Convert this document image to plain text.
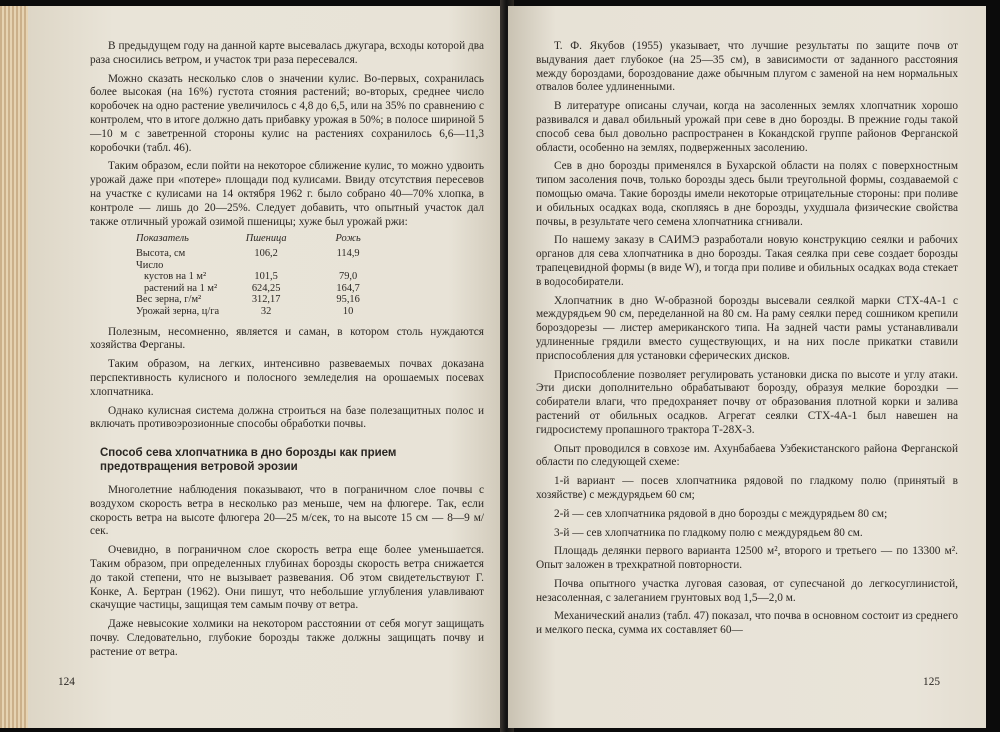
В предыдущем году на данной карте высевалась джугара, всходы которой два раза сносились ветром, и участок три раза пересевался.

Можно сказать несколько слов о значении кулис. Во-первых, сохранилась более высокая (на 16%) густота стояния растений; во-вторых, среднее число коробочек на одно растение увеличилось с 4,8 до 6,5, или на 35% по сравнению с контролем, что в итоге должно дать прибавку урожая в 50%; в полосе шириной 5—10 м с заветренной стороны кулис на растениях сохранилось 6,6—11,3 коробочки (табл. 46).

Таким образом, если пойти на некоторое сближение кулис, то можно удвоить урожай даже при «потере» площади под кулисами. Ввиду отсутствия пересевов на участке с кулисами на 14 октября 1962 г. было собрано 40—70% хлопка, в контроле — лишь до 20—25%. Следует добавить, что опытный участок дал также отличный урожай озимой пшеницы; хуже был урожай ржи:

Показатель	Пшеница	Рожь
Высота, см	106,2	114,9
Число		
кустов на 1 м²	101,5	79,0
растений на 1 м²	624,25	164,7
Вес зерна, г/м²	312,17	95,16
Урожай зерна, ц/га	32	10

Полезным, несомненно, является и саман, в котором столь нуждаются хозяйства Ферганы.

Таким образом, на легких, интенсивно развеваемых почвах доказана перспективность кулисного и полосного земледелия на орошаемых посевах хлопчатника.

Однако кулисная система должна строиться на базе полезащитных полос и включать противоэрозионные способы обработки почвы.

Способ сева хлопчатника в дно борозды как прием предотвращения ветровой эрозии

Многолетние наблюдения показывают, что в пограничном слое почвы с воздухом скорость ветра в несколько раз меньше, чем на флюгере. Так, если скорость ветра на высоте флюгера 20—25 м/сек, то на высоте 15 см — 8—9 м/сек.

Очевидно, в пограничном слое скорость ветра еще более уменьшается. Таким образом, при определенных глубинах борозды скорость ветра снижается до такой степени, что не вызывает развевания. Об этом свидетельствуют Г. Конке, А. Бертран (1962). Они пишут, что небольшие углубления улавливают скачущие частицы, защищая тем самым почву от ветра.

Даже невысокие холмики на некотором расстоянии от себя могут защищать почву. Следовательно, глубокие борозды также должны защищать почву и растение от ветра.

124

Т. Ф. Якубов (1955) указывает, что лучшие результаты по защите почв от выдувания дает глубокое (на 25—35 см), в зависимости от заданного расстояния между бороздами, бороздование даже обычным плугом с заменой на нем нормальных отвалов более удлиненными.

В литературе описаны случаи, когда на засоленных землях хлопчатник хорошо развивался и давал обильный урожай при севе в дно борозды. В прежние годы такой способ сева был довольно распространен в Кокандской группе районов Ферганской области, особенно на землях, подверженных засолению.

Сев в дно борозды применялся в Бухарской области на полях с поверхностным типом засоления почв, только борозды здесь были треугольной формы, создаваемой с помощью омача. Такие борозды имели некоторые отрицательные стороны: при поливе и обильных осадках вода, скопляясь в дне борозды, ухудшала физические свойства почвы, в результате чего семена хлопчатника сгнивали.

По нашему заказу в САИМЭ разработали новую конструкцию сеялки и рабочих органов для сева хлопчатника в дно борозды. Такая сеялка при севе создает борозды трапецевидной формы (в виде W), и тогда при поливе и обильных осадках вода стекает в водособиратели.

Хлопчатник в дно W-образной борозды высевали сеялкой марки СТХ-4А-1 с междурядьем 90 см, переделанной на 80 см. На раму сеялки перед сошником крепили бороздорезы — листер американского типа. На задней части рамы устанавливали удлиненные грядили вместо существующих, и на них после прикатки ставили приспособления для установки сферических дисков.

Приспособление позволяет регулировать установки диска по высоте и углу атаки. Эти диски дополнительно обрабатывают борозду, образуя мелкие бороздки — собиратели влаги, что предохраняет почву от образования плотной корки и залива растений от обильных осадков. Агрегат сеялки СТХ-4А-1 был навешен на гидросистему пропашного трактора Т-28Х-3.

Опыт проводился в совхозе им. Ахунбабаева Узбекистанского района Ферганской области по следующей схеме:

1-й вариант — посев хлопчатника рядовой по гладкому полю (принятый в хозяйстве) с междурядьем 60 см;

2-й — сев хлопчатника рядовой в дно борозды с междурядьем 80 см;

3-й — сев хлопчатника по гладкому полю с междурядьем 80 см.

Площадь делянки первого варианта 12500 м², второго и третьего — по 13300 м². Опыт заложен в трехкратной повторности.

Почва опытного участка луговая сазовая, от супесчаной до легкосуглинистой, незасоленная, с залеганием грунтовых вод 1,5—2,0 м.

Механический анализ (табл. 47) показал, что почва в основном состоит из среднего и мелкого песка, сумма их составляет 60—

125
